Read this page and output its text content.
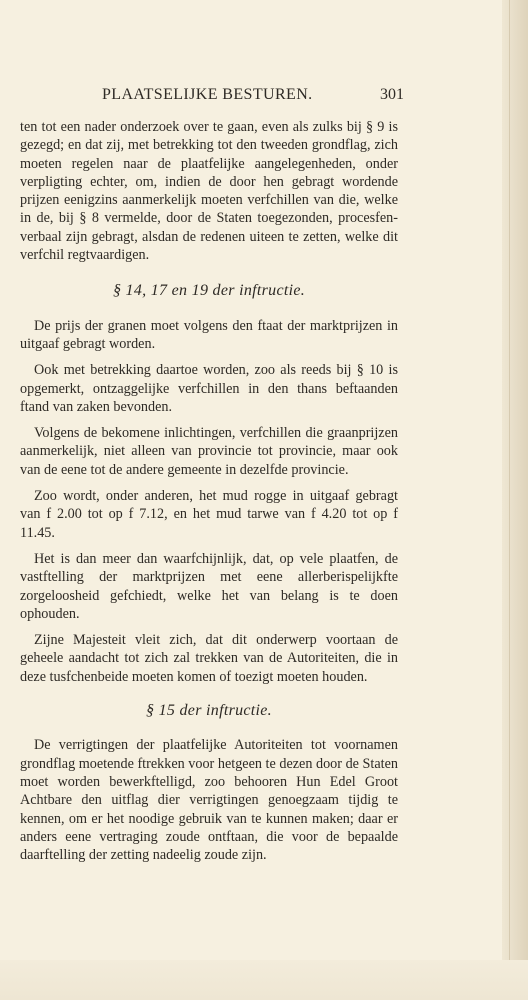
PLAATSELIJKE BESTUREN.	301

ten tot een nader onderzoek over te gaan, even als zulks bij § 9 is gezegd; en dat zij, met betrekking tot den tweeden grondflag, zich moeten regelen naar de plaatfelijke aangelegenheden, onder verpligting echter, om, indien de door hen gebragt wordende prijzen eenigzins aanmerkelijk moeten verfchillen van die, welke in de, bij § 8 vermelde, door de Staten toegezonden, procesfen-verbaal zijn gebragt, alsdan de redenen uiteen te zetten, welke dit verfchil regtvaardigen.

§ 14, 17 en 19 der inftructie.

De prijs der granen moet volgens den ftaat der marktprijzen in uitgaaf gebragt worden.

Ook met betrekking daartoe worden, zoo als reeds bij § 10 is opgemerkt, ontzaggelijke verfchillen in den thans beftaanden ftand van zaken bevonden.

Volgens de bekomene inlichtingen, verfchillen die graanprijzen aanmerkelijk, niet alleen van provincie tot provincie, maar ook van de eene tot de andere gemeente in dezelfde provincie.

Zoo wordt, onder anderen, het mud rogge in uitgaaf gebragt van f 2.00 tot op f 7.12, en het mud tarwe van f 4.20 tot op f 11.45.

Het is dan meer dan waarfchijnlijk, dat, op vele plaatfen, de vastftelling der marktprijzen met eene allerberispelijkfte zorgeloosheid gefchiedt, welke het van belang is te doen ophouden.

Zijne Majesteit vleit zich, dat dit onderwerp voortaan de geheele aandacht tot zich zal trekken van de Autoriteiten, die in deze tusfchenbeide moeten komen of toezigt moeten houden.

§ 15 der inftructie.

De verrigtingen der plaatfelijke Autoriteiten tot voornamen grondflag moetende ftrekken voor hetgeen te dezen door de Staten moet worden bewerkftelligd, zoo behooren Hun Edel Groot Achtbare den uitflag dier verrigtingen genoegzaam tijdig te kennen, om er het noodige gebruik van te kunnen maken; daar er anders eene vertraging zoude ontftaan, die voor de bepaalde daarftelling der zetting nadeelig zoude zijn.
